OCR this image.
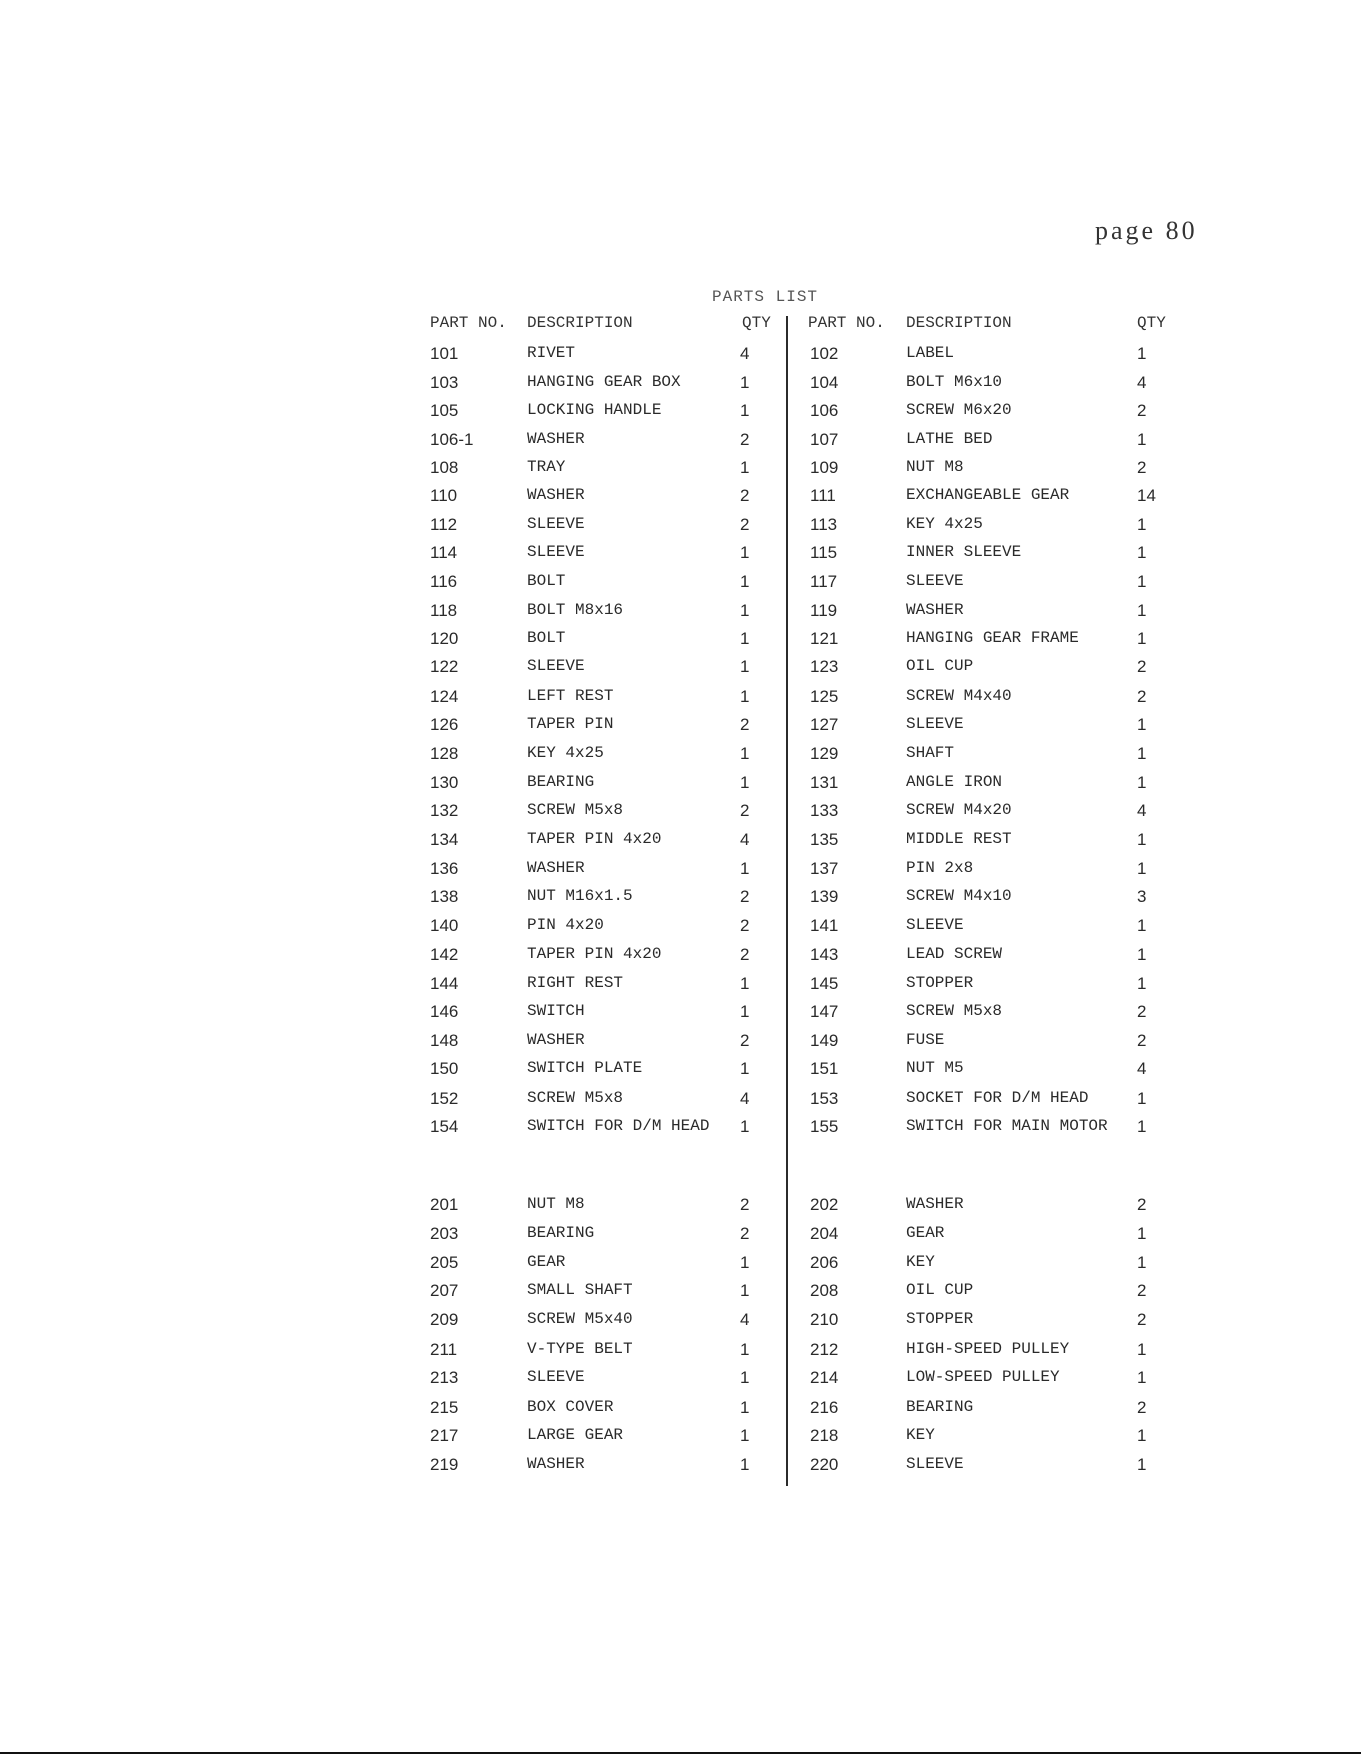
page 80
PARTS LIST
PART NO. DESCRIPTION	QTY PART NO. DESCRIPTION	QTY
101	RIVET	4	102	LABEL	1
103	HANGING GEAR BOX	1	104	BOLT M6x10	4
105	LOCKING HANDLE	1	106	SCREW M6x20	2
106-1	WASHER	2	107	LATHE BED	1
108	TRAY	1	109	NUT M8	2
110	WASHER	2	111	EXCHANGEABLE GEAR	14
112	SLEEVE	2	113	KEY 4x25	1
114	SLEEVE	1	115	INNER SLEEVE	1
116	BOLT	1	117	SLEEVE	1
118	BOLT M8x16	1	119	WASHER	1
120	BOLT	1	121	HANGING GEAR FRAME	1
122	SLEEVE	1	123	OIL CUP	2
124	LEFT REST	1	125	SCREW M4x40	2
126	TAPER PIN	2	127	SLEEVE	1
128	KEY 4x25	1	129	SHAFT	1
130	BEARING	1	131	ANGLE IRON	1
132	SCREW M5x8	2	133	SCREW M4x20	4
134	TAPER PIN 4x20	4	135	MIDDLE REST	1
136	WASHER	1	137	PIN 2x8	1
138	NUT M16x1.5	2	139	SCREW M4x10	3
140	PIN 4x20	2	141	SLEEVE	1
142	TAPER PIN 4x20	2	143	LEAD SCREW	1
144	RIGHT REST	1	145	STOPPER	1
146	SWITCH	1	147	SCREW M5x8	2
148	WASHER	2	149	FUSE	2
150	SWITCH PLATE	1	151	NUT M5	4
152	SCREW M5x8	4	153	SOCKET FOR D/M HEAD	1
154	SWITCH FOR D/M HEAD 1	155	SWITCH FOR MAIN MOTOR 1
201	NUT M8	2	202	WASHER	2
203	BEARING	2	204	GEAR	1
205	GEAR	1	206	KEY	1
207	SMALL SHAFT	1	208	OIL CUP	2
209	SCREW M5x40	4	210	STOPPER	2
211	V-TYPE BELT	1	212	HIGH-SPEED PULLEY	1
213	SLEEVE	1	214	LOW-SPEED PULLEY	1
215	BOX COVER	1	216	BEARING	2
217	LARGE GEAR	1	218	KEY	1
219	WASHER	1	220	SLEEVE	1
